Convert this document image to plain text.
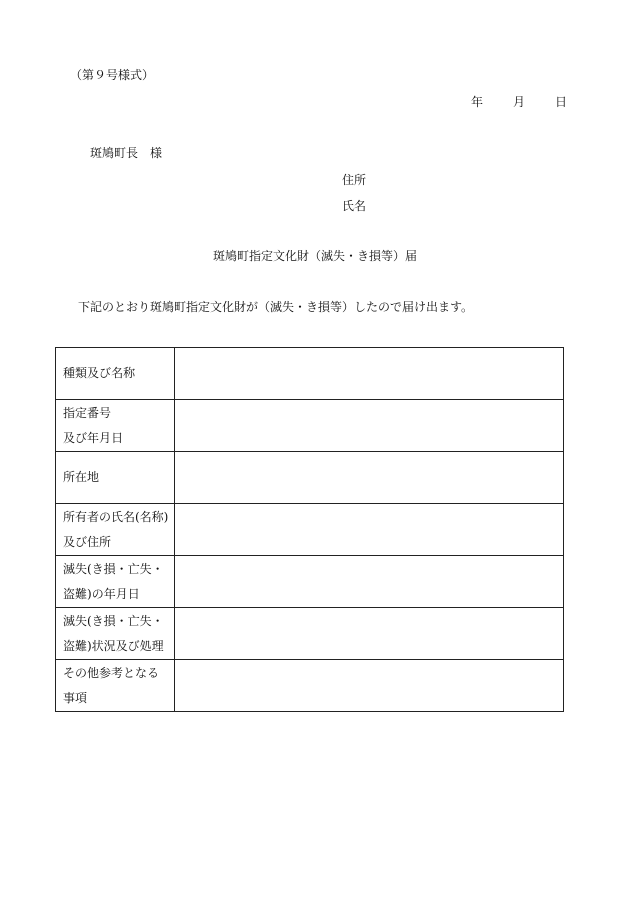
（第９号様式）
年	月	日
斑鳩町長 様
住所
氏名
斑鳩町指定文化財（滅失・き損等）届
下記のとおり斑鳩町指定文化財が（滅失・き損等）したので届け出ます。
種類及び名称	

指定番号
及び年月日	

所在地	

所有者の氏名(名称)
及び住所	

滅失(き損・亡失・
盗難)の年月日	

滅失(き損・亡失・
盗難)状況及び処理	

その他参考となる
事項	
